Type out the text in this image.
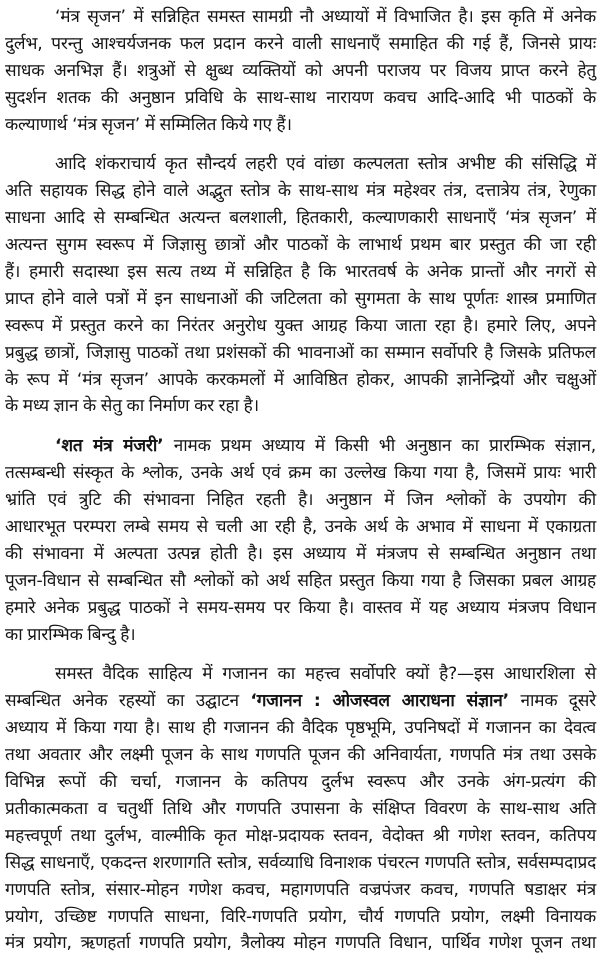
‘मंत्र सृजन’ में सन्निहित समस्त सामग्री नौ अध्यायों में विभाजित है। इस कृति में अनेक
दुर्लभ, परन्तु आश्चर्यजनक फल प्रदान करने वाली साधनाएँ समाहित की गई हैं, जिनसे प्रायः
साधक अनभिज्ञ हैं। शत्रुओं से क्षुब्ध व्यक्तियों को अपनी पराजय पर विजय प्राप्त करने हेतु
सुदर्शन शतक की अनुष्ठान प्रविधि के साथ-साथ नारायण कवच आदि-आदि भी पाठकों के
कल्याणार्थ ‘मंत्र सृजन’ में सम्मिलित किये गए हैं।
आदि शंकराचार्य कृत सौन्दर्य लहरी एवं वांछा कल्पलता स्तोत्र अभीष्ट की संसिद्धि में
अति सहायक सिद्ध होने वाले अद्भुत स्तोत्र के साथ-साथ मंत्र महेश्वर तंत्र, दत्तात्रेय तंत्र, रेणुका
साधना आदि से सम्बन्धित अत्यन्त बलशाली, हितकारी, कल्याणकारी साधनाएँ ‘मंत्र सृजन’ में
अत्यन्त सुगम स्वरूप में जिज्ञासु छात्रों और पाठकों के लाभार्थ प्रथम बार प्रस्तुत की जा रही
हैं। हमारी सदास्था इस सत्य तथ्य में सन्निहित है कि भारतवर्ष के अनेक प्रान्तों और नगरों से
प्राप्त होने वाले पत्रों में इन साधनाओं की जटिलता को सुगमता के साथ पूर्णतः शास्त्र प्रमाणित
स्वरूप में प्रस्तुत करने का निरंतर अनुरोध युक्त आग्रह किया जाता रहा है। हमारे लिए, अपने
प्रबुद्ध छात्रों, जिज्ञासु पाठकों तथा प्रशंसकों की भावनाओं का सम्मान सर्वोपरि है जिसके प्रतिफल
के रूप में ‘मंत्र सृजन’ आपके करकमलों में आविष्ठित होकर, आपकी ज्ञानेन्द्रियों और चक्षुओं
के मध्य ज्ञान के सेतु का निर्माण कर रहा है।
‘शत मंत्र मंजरी’ नामक प्रथम अध्याय में किसी भी अनुष्ठान का प्रारम्भिक संज्ञान,
तत्सम्बन्धी संस्कृत के श्लोक, उनके अर्थ एवं क्रम का उल्लेख किया गया है, जिसमें प्रायः भारी
भ्रांति एवं त्रुटि की संभावना निहित रहती है। अनुष्ठान में जिन श्लोकों के उपयोग की
आधारभूत परम्परा लम्बे समय से चली आ रही है, उनके अर्थ के अभाव में साधना में एकाग्रता
की संभावना में अल्पता उत्पन्न होती है। इस अध्याय में मंत्रजप से सम्बन्धित अनुष्ठान तथा
पूजन-विधान से सम्बन्धित सौ श्लोकों को अर्थ सहित प्रस्तुत किया गया है जिसका प्रबल आग्रह
हमारे अनेक प्रबुद्ध पाठकों ने समय-समय पर किया है। वास्तव में यह अध्याय मंत्रजप विधान
का प्रारम्भिक बिन्दु है।
समस्त वैदिक साहित्य में गजानन का महत्त्व सर्वोपरि क्यों है?—इस आधारशिला से
सम्बन्धित अनेक रहस्यों का उद्घाटन ‘गजानन : ओजस्वल आराधना संज्ञान’ नामक दूसरे
अध्याय में किया गया है। साथ ही गजानन की वैदिक पृष्ठभूमि, उपनिषदों में गजानन का देवत्व
तथा अवतार और लक्ष्मी पूजन के साथ गणपति पूजन की अनिवार्यता, गणपति मंत्र तथा उसके
विभिन्न रूपों की चर्चा, गजानन के कतिपय दुर्लभ स्वरूप और उनके अंग-प्रत्यंग की
प्रतीकात्मकता व चतुर्थी तिथि और गणपति उपासना के संक्षिप्त विवरण के साथ-साथ अति
महत्त्वपूर्ण तथा दुर्लभ, वाल्मीकि कृत मोक्ष-प्रदायक स्तवन, वेदोक्त श्री गणेश स्तवन, कतिपय
सिद्ध साधनाएँ, एकदन्त शरणागति स्तोत्र, सर्वव्याधि विनाशक पंचरत्न गणपति स्तोत्र, सर्वसम्पदाप्रद
गणपति स्तोत्र, संसार-मोहन गणेश कवच, महागणपति वज्रपंजर कवच, गणपति षडाक्षर मंत्र
प्रयोग, उच्छिष्ट गणपति साधना, विरि-गणपति प्रयोग, चौर्य गणपति प्रयोग, लक्ष्मी विनायक
मंत्र प्रयोग, ऋणहर्ता गणपति प्रयोग, त्रैलोक्य मोहन गणपति विधान, पार्थिव गणेश पूजन तथा
